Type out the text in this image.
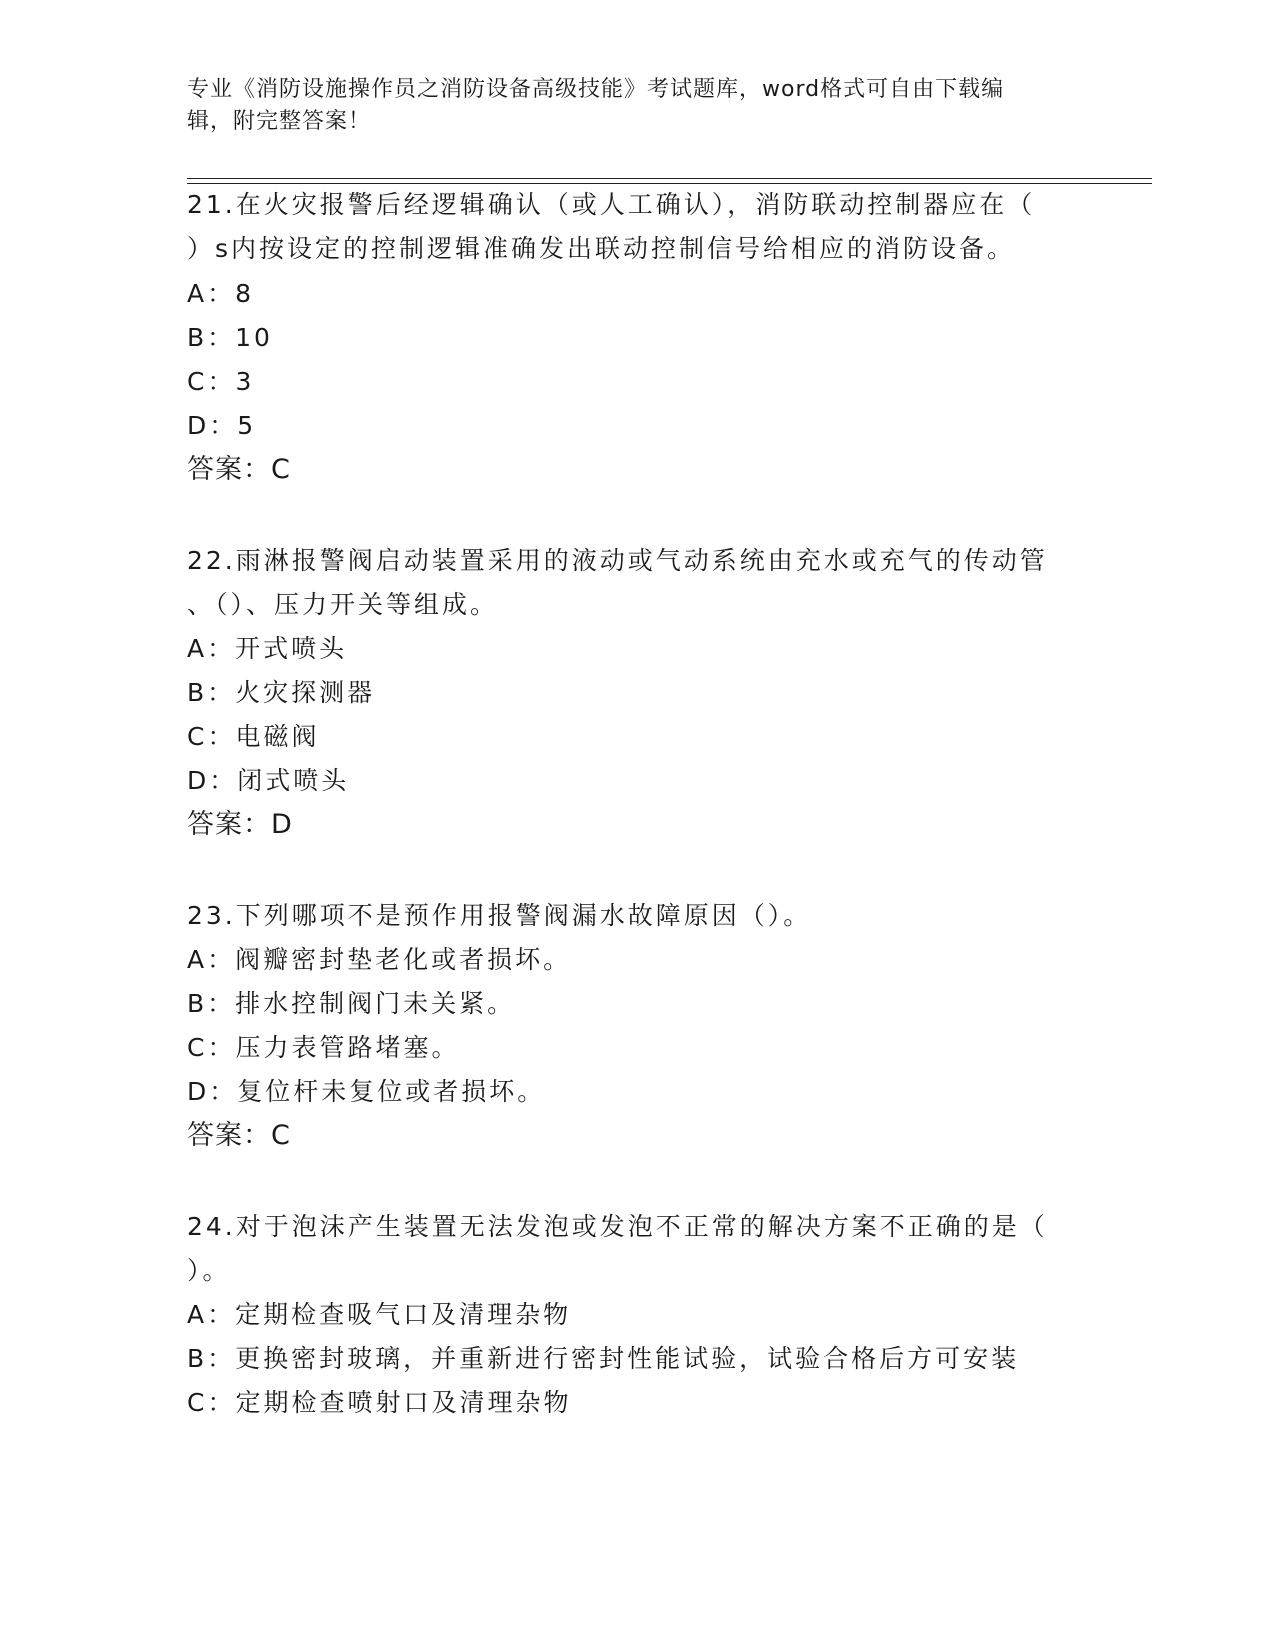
专业《消防设施操作员之消防设备高级技能》考试题库，word格式可自由下载编
辑，附完整答案！
21.在火灾报警后经逻辑确认（或人工确认），消防联动控制器应在（
）s内按设定的控制逻辑准确发出联动控制信号给相应的消防设备。
A：8
B：10
C：3
D：5
答案：C
22.雨淋报警阀启动装置采用的液动或气动系统由充水或充气的传动管
、（）、压力开关等组成。
A：开式喷头
B：火灾探测器
C：电磁阀
D：闭式喷头
答案：D
23.下列哪项不是预作用报警阀漏水故障原因（）。
A：阀瓣密封垫老化或者损坏。
B：排水控制阀门未关紧。
C：压力表管路堵塞。
D：复位杆未复位或者损坏。
答案：C
24.对于泡沫产生装置无法发泡或发泡不正常的解决方案不正确的是（
）。
A：定期检查吸气口及清理杂物
B：更换密封玻璃，并重新进行密封性能试验，试验合格后方可安装
C：定期检查喷射口及清理杂物
